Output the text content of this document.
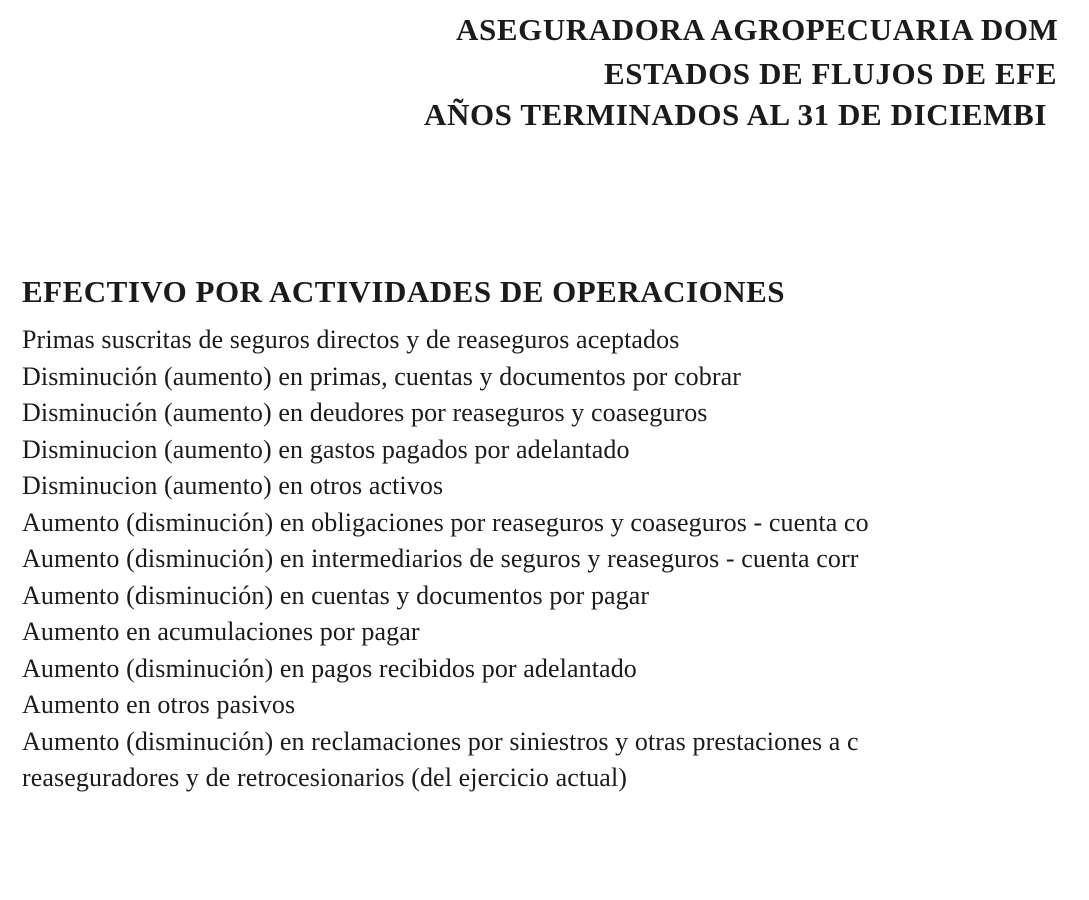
ASEGURADORA AGROPECUARIA DOM
ESTADOS DE FLUJOS DE EFE
AÑOS TERMINADOS AL 31 DE DICIEMBI
EFECTIVO POR ACTIVIDADES DE OPERACIONES
Primas suscritas de seguros directos y de reaseguros aceptados
Disminución (aumento) en primas, cuentas y documentos por cobrar
Disminución (aumento) en deudores por reaseguros y coaseguros
Disminucion (aumento) en gastos pagados por adelantado
Disminucion (aumento) en otros activos
Aumento (disminución) en obligaciones por reaseguros y coaseguros - cuenta co
Aumento (disminución) en intermediarios de seguros y reaseguros - cuenta corr
Aumento (disminución) en cuentas y documentos por pagar
Aumento en acumulaciones por pagar
Aumento (disminución) en pagos recibidos por adelantado
Aumento en otros pasivos
Aumento (disminución) en reclamaciones por siniestros y otras prestaciones a c
reaseguradores y de retrocesionarios (del ejercicio actual)
